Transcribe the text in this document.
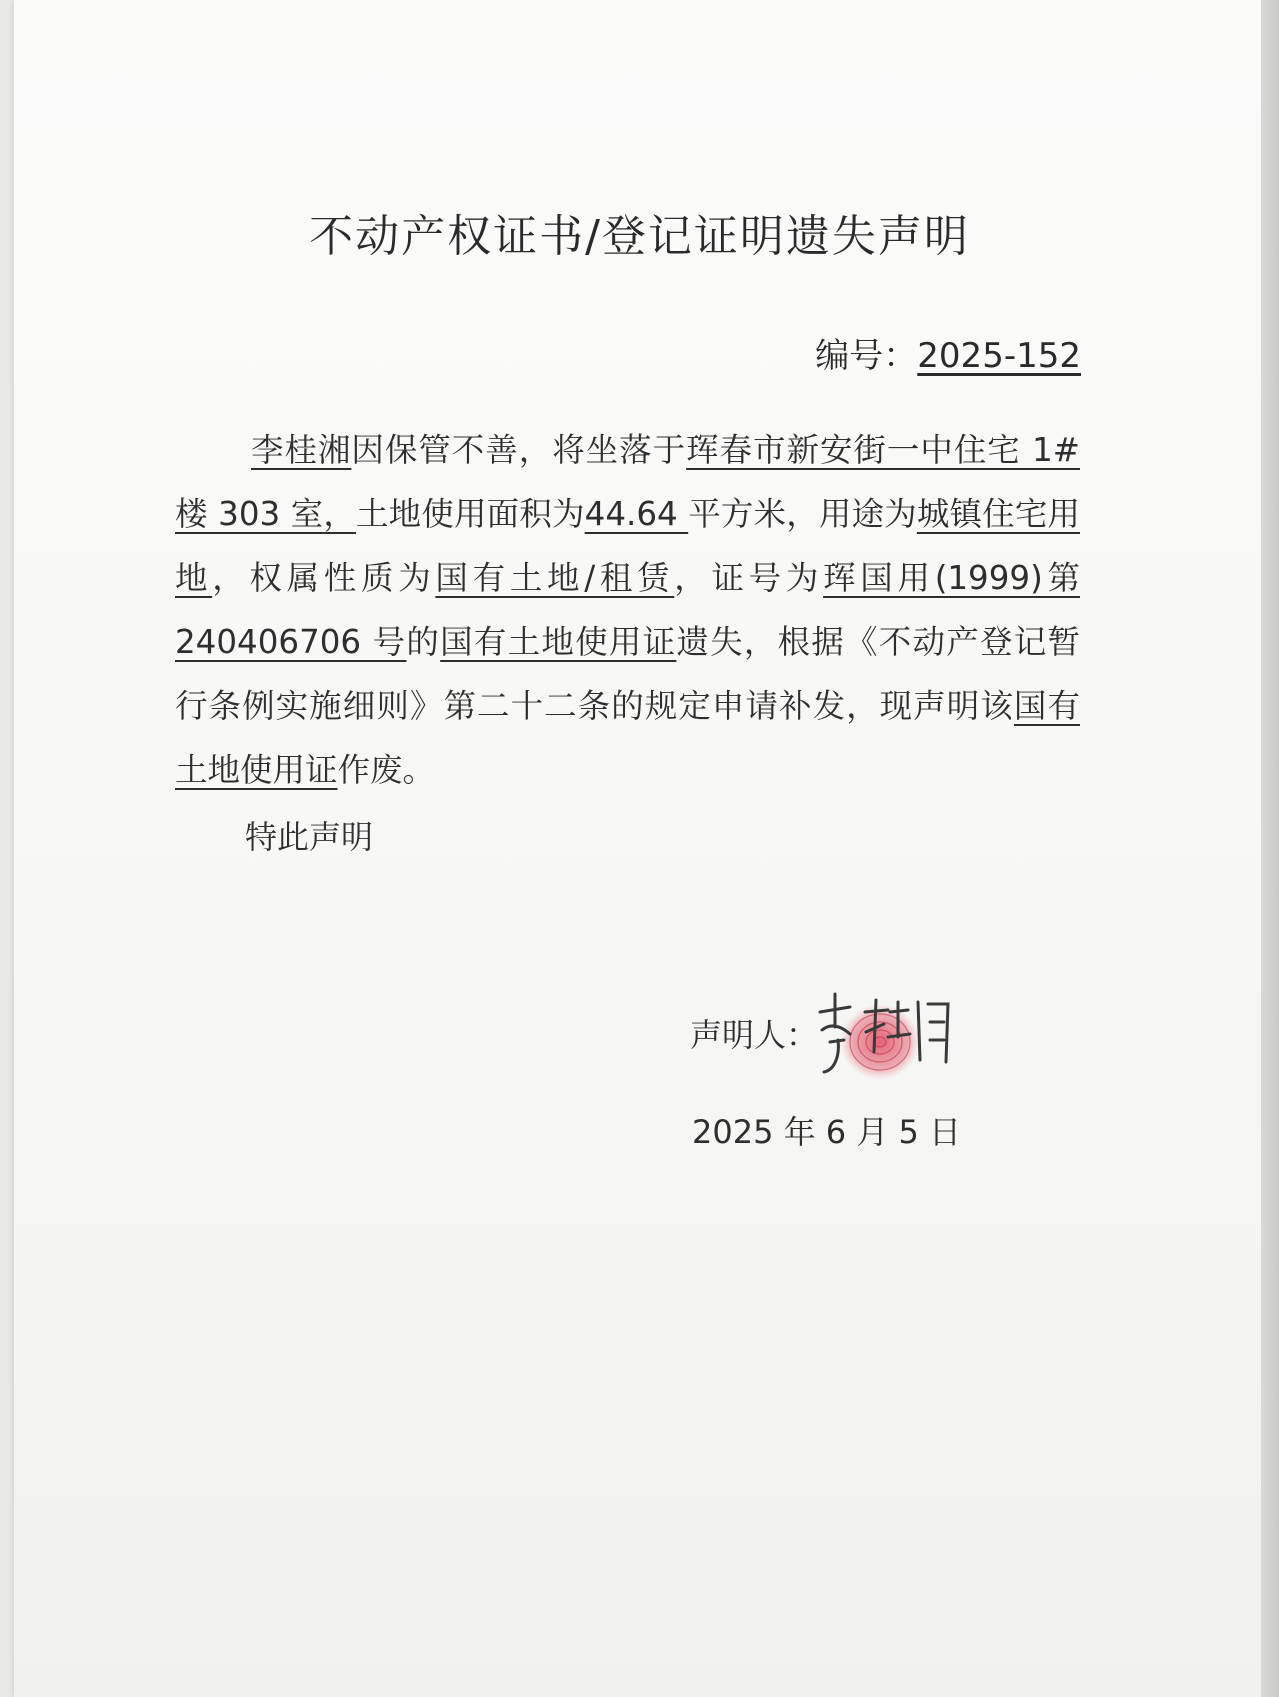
不动产权证书/登记证明遗失声明
编号：2025-152
李桂湘因保管不善，将坐落于珲春市新安街一中住宅 1#楼 303 室，土地使用面积为44.64 平方米，用途为城镇住宅用地，权属性质为国有土地/租赁，证号为珲国用(1999)第240406706 号的国有土地使用证遗失，根据《不动产登记暂行条例实施细则》第二十二条的规定申请补发，现声明该国有土地使用证作废。
特此声明
声明人：
2025 年 6 月 5 日
